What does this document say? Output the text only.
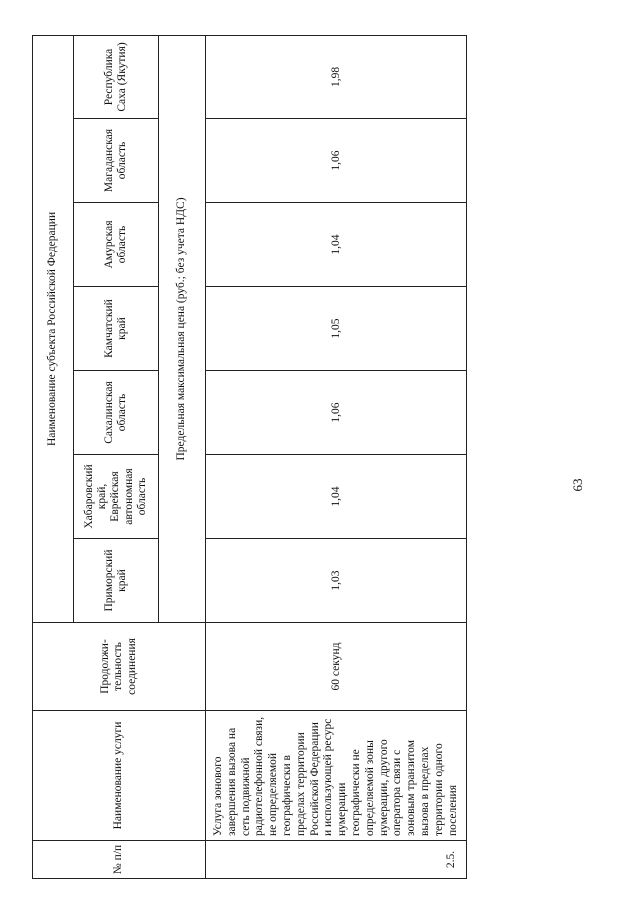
63
№ п/п	Наименование услуги	Продолжи-тельность соединения	Наименование субъекта Российской Федерации						
			Приморский край	Хабаровский край, Еврейская автономная область	Сахалинская область	Камчатский край	Амурская область	Магаданская область	Республика Саха (Якутия)
			Предельная максимальная цена (руб.; без учета НДС)						
2.5.	Услуга зонового завершения вызова на сеть подвижной радиотелефонной связи, не определяемой географически в пределах территории Российской Федерации и использующей ресурс нумерации географически не определяемой зоны нумерации, другого оператора связи с зоновым транзитом вызова в пределах территории одного поселения	60 секунд	1,03	1,04	1,06	1,05	1,04	1,06	1,98
